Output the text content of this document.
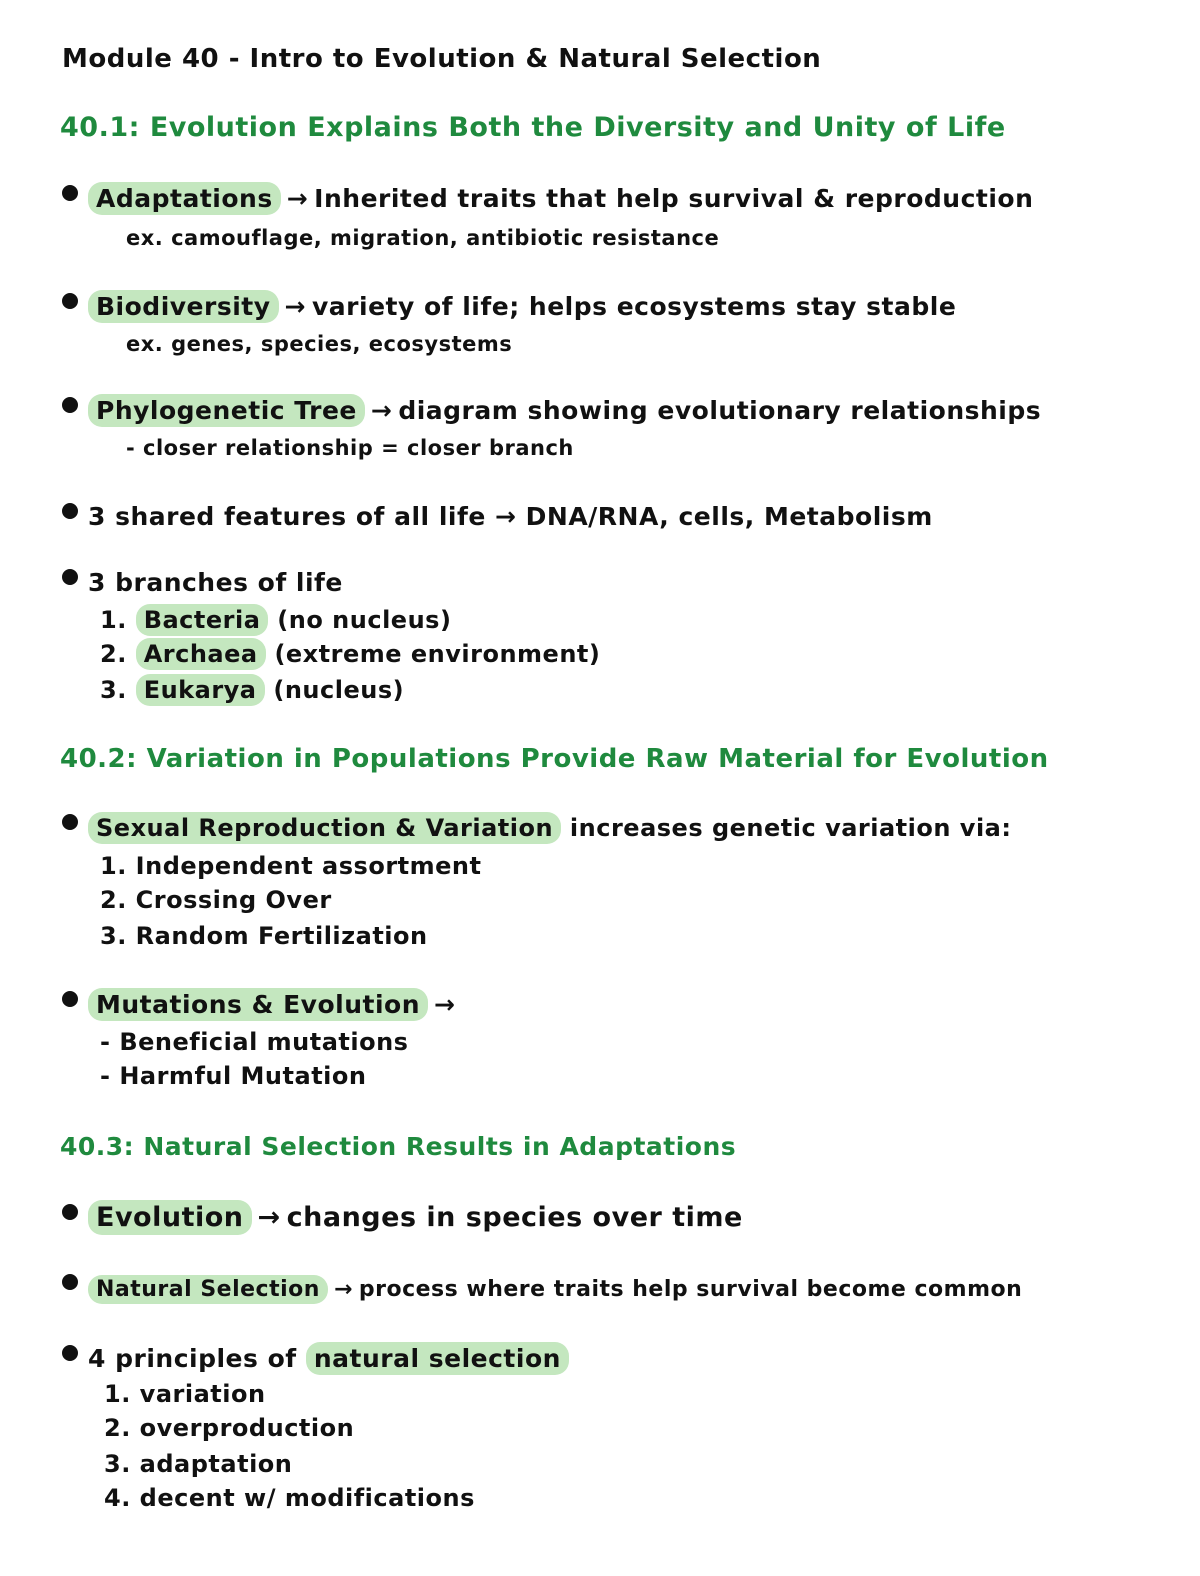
Module 40 - Intro to Evolution & Natural Selection
40.1: Evolution Explains Both the Diversity and Unity of Life
Adaptations → Inherited traits that help survival & reproduction
ex. camouflage, migration, antibiotic resistance
Biodiversity → variety of life; helps ecosystems stay stable
ex. genes, species, ecosystems
Phylogenetic Tree → diagram showing evolutionary relationships
- closer relationship = closer branch
3 shared features of all life → DNA/RNA, cells, Metabolism
3 branches of life
1. Bacteria (no nucleus)
2. Archaea (extreme environment)
3. Eukarya (nucleus)
40.2: Variation in Populations Provide Raw Material for Evolution
Sexual Reproduction & Variation increases genetic variation via:
1. Independent assortment
2. Crossing Over
3. Random Fertilization
Mutations & Evolution →
- Beneficial mutations
- Harmful Mutation
40.3: Natural Selection Results in Adaptations
Evolution → changes in species over time
Natural Selection → process where traits help survival become common
4 principles of natural selection
1. variation
2. overproduction
3. adaptation
4. decent w/ modifications
